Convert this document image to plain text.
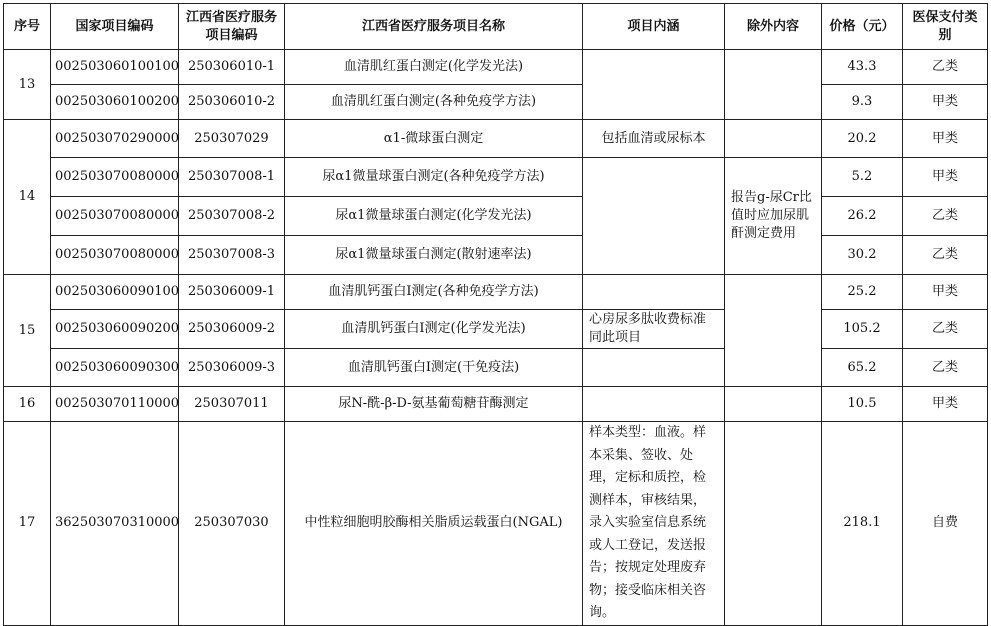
序号	国家项目编码	江西省医疗服务项目编码	江西省医疗服务项目名称	项目内涵	除外内容	价格（元）	医保支付类别
13	002503060100100	250306010-1	血清肌红蛋白测定(化学发光法)			43.3	乙类
	002503060100200	250306010-2	血清肌红蛋白测定(各种免疫学方法)			9.3	甲类
14	002503070290000	250307029	α1-微球蛋白测定	包括血清或尿标本		20.2	甲类
	002503070080000	250307008-1	尿α1微量球蛋白测定(各种免疫学方法)		报告g-尿Cr比值时应加尿肌酐测定费用	5.2	甲类
	002503070080000	250307008-2	尿α1微量球蛋白测定(化学发光法)			26.2	乙类
	002503070080000	250307008-3	尿α1微量球蛋白测定(散射速率法)			30.2	乙类
15	002503060090100	250306009-1	血清肌钙蛋白Ⅰ测定(各种免疫学方法)			25.2	甲类
	002503060090200	250306009-2	血清肌钙蛋白Ⅰ测定(化学发光法)	心房尿多肽收费标准同此项目		105.2	乙类
	002503060090300	250306009-3	血清肌钙蛋白Ⅰ测定(干免疫法)			65.2	乙类
16	002503070110000	250307011	尿N-酰-β-D-氨基葡萄糖苷酶测定			10.5	甲类
17	362503070310000	250307030	中性粒细胞明胶酶相关脂质运载蛋白(NGAL)	样本类型：血液。样本采集、签收、处理，定标和质控，检测样本，审核结果，录入实验室信息系统或人工登记，发送报告；按规定处理废弃物；接受临床相关咨询。		218.1	自费
